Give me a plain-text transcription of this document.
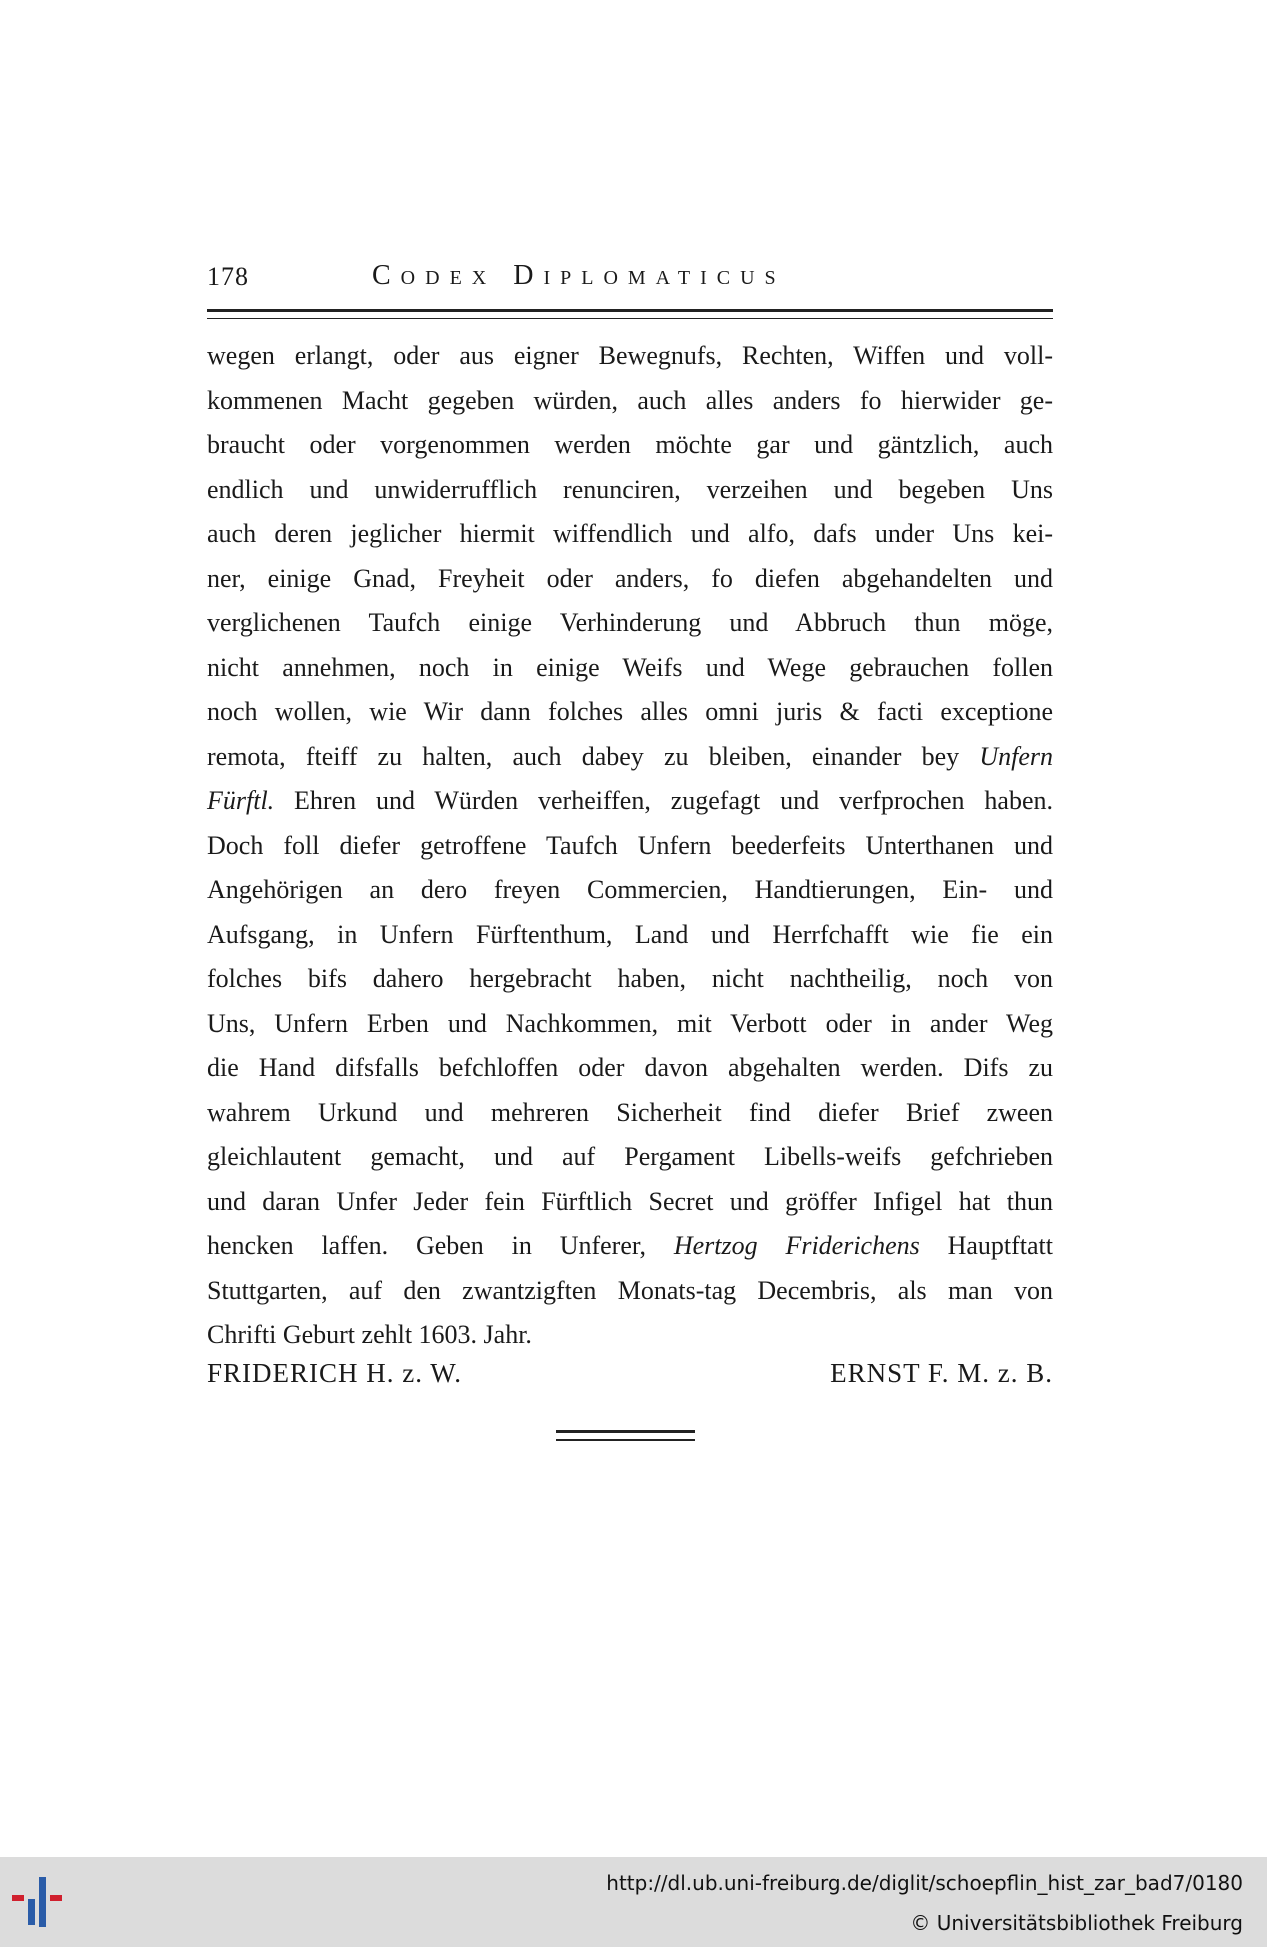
178	Codex Diplomaticus
wegen erlangt, oder aus eigner Bewegnufs, Rechten, Wiffen und voll-
kommenen Macht gegeben würden, auch alles anders fo hierwider ge-
braucht oder vorgenommen werden möchte gar und gäntzlich, auch
endlich und unwiderrufflich renunciren, verzeihen und begeben Uns
auch deren jeglicher hiermit wiffendlich und alfo, dafs under Uns kei-
ner, einige Gnad, Freyheit oder anders, fo diefen abgehandelten und
verglichenen Taufch einige Verhinderung und Abbruch thun möge,
nicht annehmen, noch in einige Weifs und Wege gebrauchen follen
noch wollen, wie Wir dann folches alles omni juris & facti exceptione
remota, fteiff zu halten, auch dabey zu bleiben, einander bey Unfern
Fürftl. Ehren und Würden verheiffen, zugefagt und verfprochen haben.
Doch foll diefer getroffene Taufch Unfern beederfeits Unterthanen und
Angehörigen an dero freyen Commercien, Handtierungen, Ein- und
Aufsgang, in Unfern Fürftenthum, Land und Herrfchafft wie fie ein
folches bifs dahero hergebracht haben, nicht nachtheilig, noch von
Uns, Unfern Erben und Nachkommen, mit Verbott oder in ander Weg
die Hand difsfalls befchloffen oder davon abgehalten werden. Difs zu
wahrem Urkund und mehreren Sicherheit find diefer Brief zween
gleichlautent gemacht, und auf Pergament Libells-weifs gefchrieben
und daran Unfer Jeder fein Fürftlich Secret und gröffer Infigel hat thun
hencken laffen. Geben in Unferer, Hertzog Friderichens Hauptftatt
Stuttgarten, auf den zwantzigften Monats-tag Decembris, als man von
Chrifti Geburt zehlt 1603. Jahr.
FRIDERICH H. z. W.	ERNST F. M. z. B.
http://dl.ub.uni-freiburg.de/diglit/schoepflin_hist_zar_bad7/0180
© Universitätsbibliothek Freiburg
